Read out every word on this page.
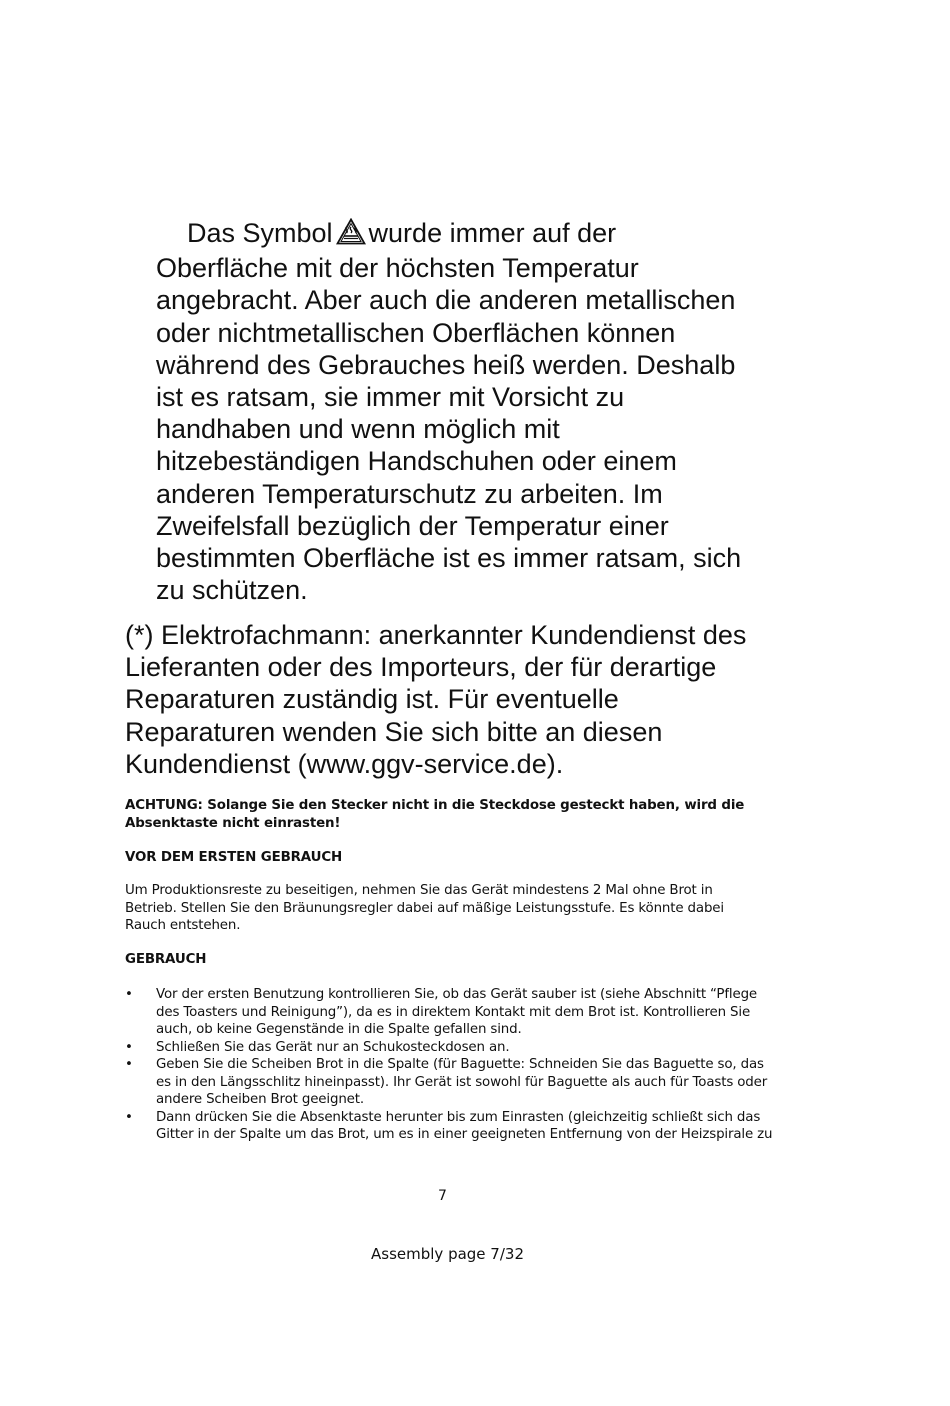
Das Symbol wurde immer auf der
Oberfläche mit der höchsten Temperatur
angebracht. Aber auch die anderen metallischen
oder nichtmetallischen Oberflächen können
während des Gebrauches heiß werden. Deshalb
ist es ratsam, sie immer mit Vorsicht zu
handhaben und wenn möglich mit
hitzebeständigen Handschuhen oder einem
anderen Temperaturschutz zu arbeiten. Im
Zweifelsfall bezüglich der Temperatur einer
bestimmten Oberfläche ist es immer ratsam, sich
zu schützen.
(*) Elektrofachmann: anerkannter Kundendienst des
Lieferanten oder des Importeurs, der für derartige
Reparaturen zuständig ist. Für eventuelle
Reparaturen wenden Sie sich bitte an diesen
Kundendienst (www.ggv-service.de).
ACHTUNG: Solange Sie den Stecker nicht in die Steckdose gesteckt haben, wird die
Absenktaste nicht einrasten!
VOR DEM ERSTEN GEBRAUCH
Um Produktionsreste zu beseitigen, nehmen Sie das Gerät mindestens 2 Mal ohne Brot in
Betrieb. Stellen Sie den Bräunungsregler dabei auf mäßige Leistungsstufe. Es könnte dabei
Rauch entstehen.
GEBRAUCH
• Vor der ersten Benutzung kontrollieren Sie, ob das Gerät sauber ist (siehe Abschnitt “Pflege
des Toasters und Reinigung”), da es in direktem Kontakt mit dem Brot ist. Kontrollieren Sie
auch, ob keine Gegenstände in die Spalte gefallen sind.
• Schließen Sie das Gerät nur an Schukosteckdosen an.
• Geben Sie die Scheiben Brot in die Spalte (für Baguette: Schneiden Sie das Baguette so, das
es in den Längsschlitz hineinpasst). Ihr Gerät ist sowohl für Baguette als auch für Toasts oder
andere Scheiben Brot geeignet.
• Dann drücken Sie die Absenktaste herunter bis zum Einrasten (gleichzeitig schließt sich das
Gitter in der Spalte um das Brot, um es in einer geeigneten Entfernung von der Heizspirale zu
7
Assembly page 7/32
